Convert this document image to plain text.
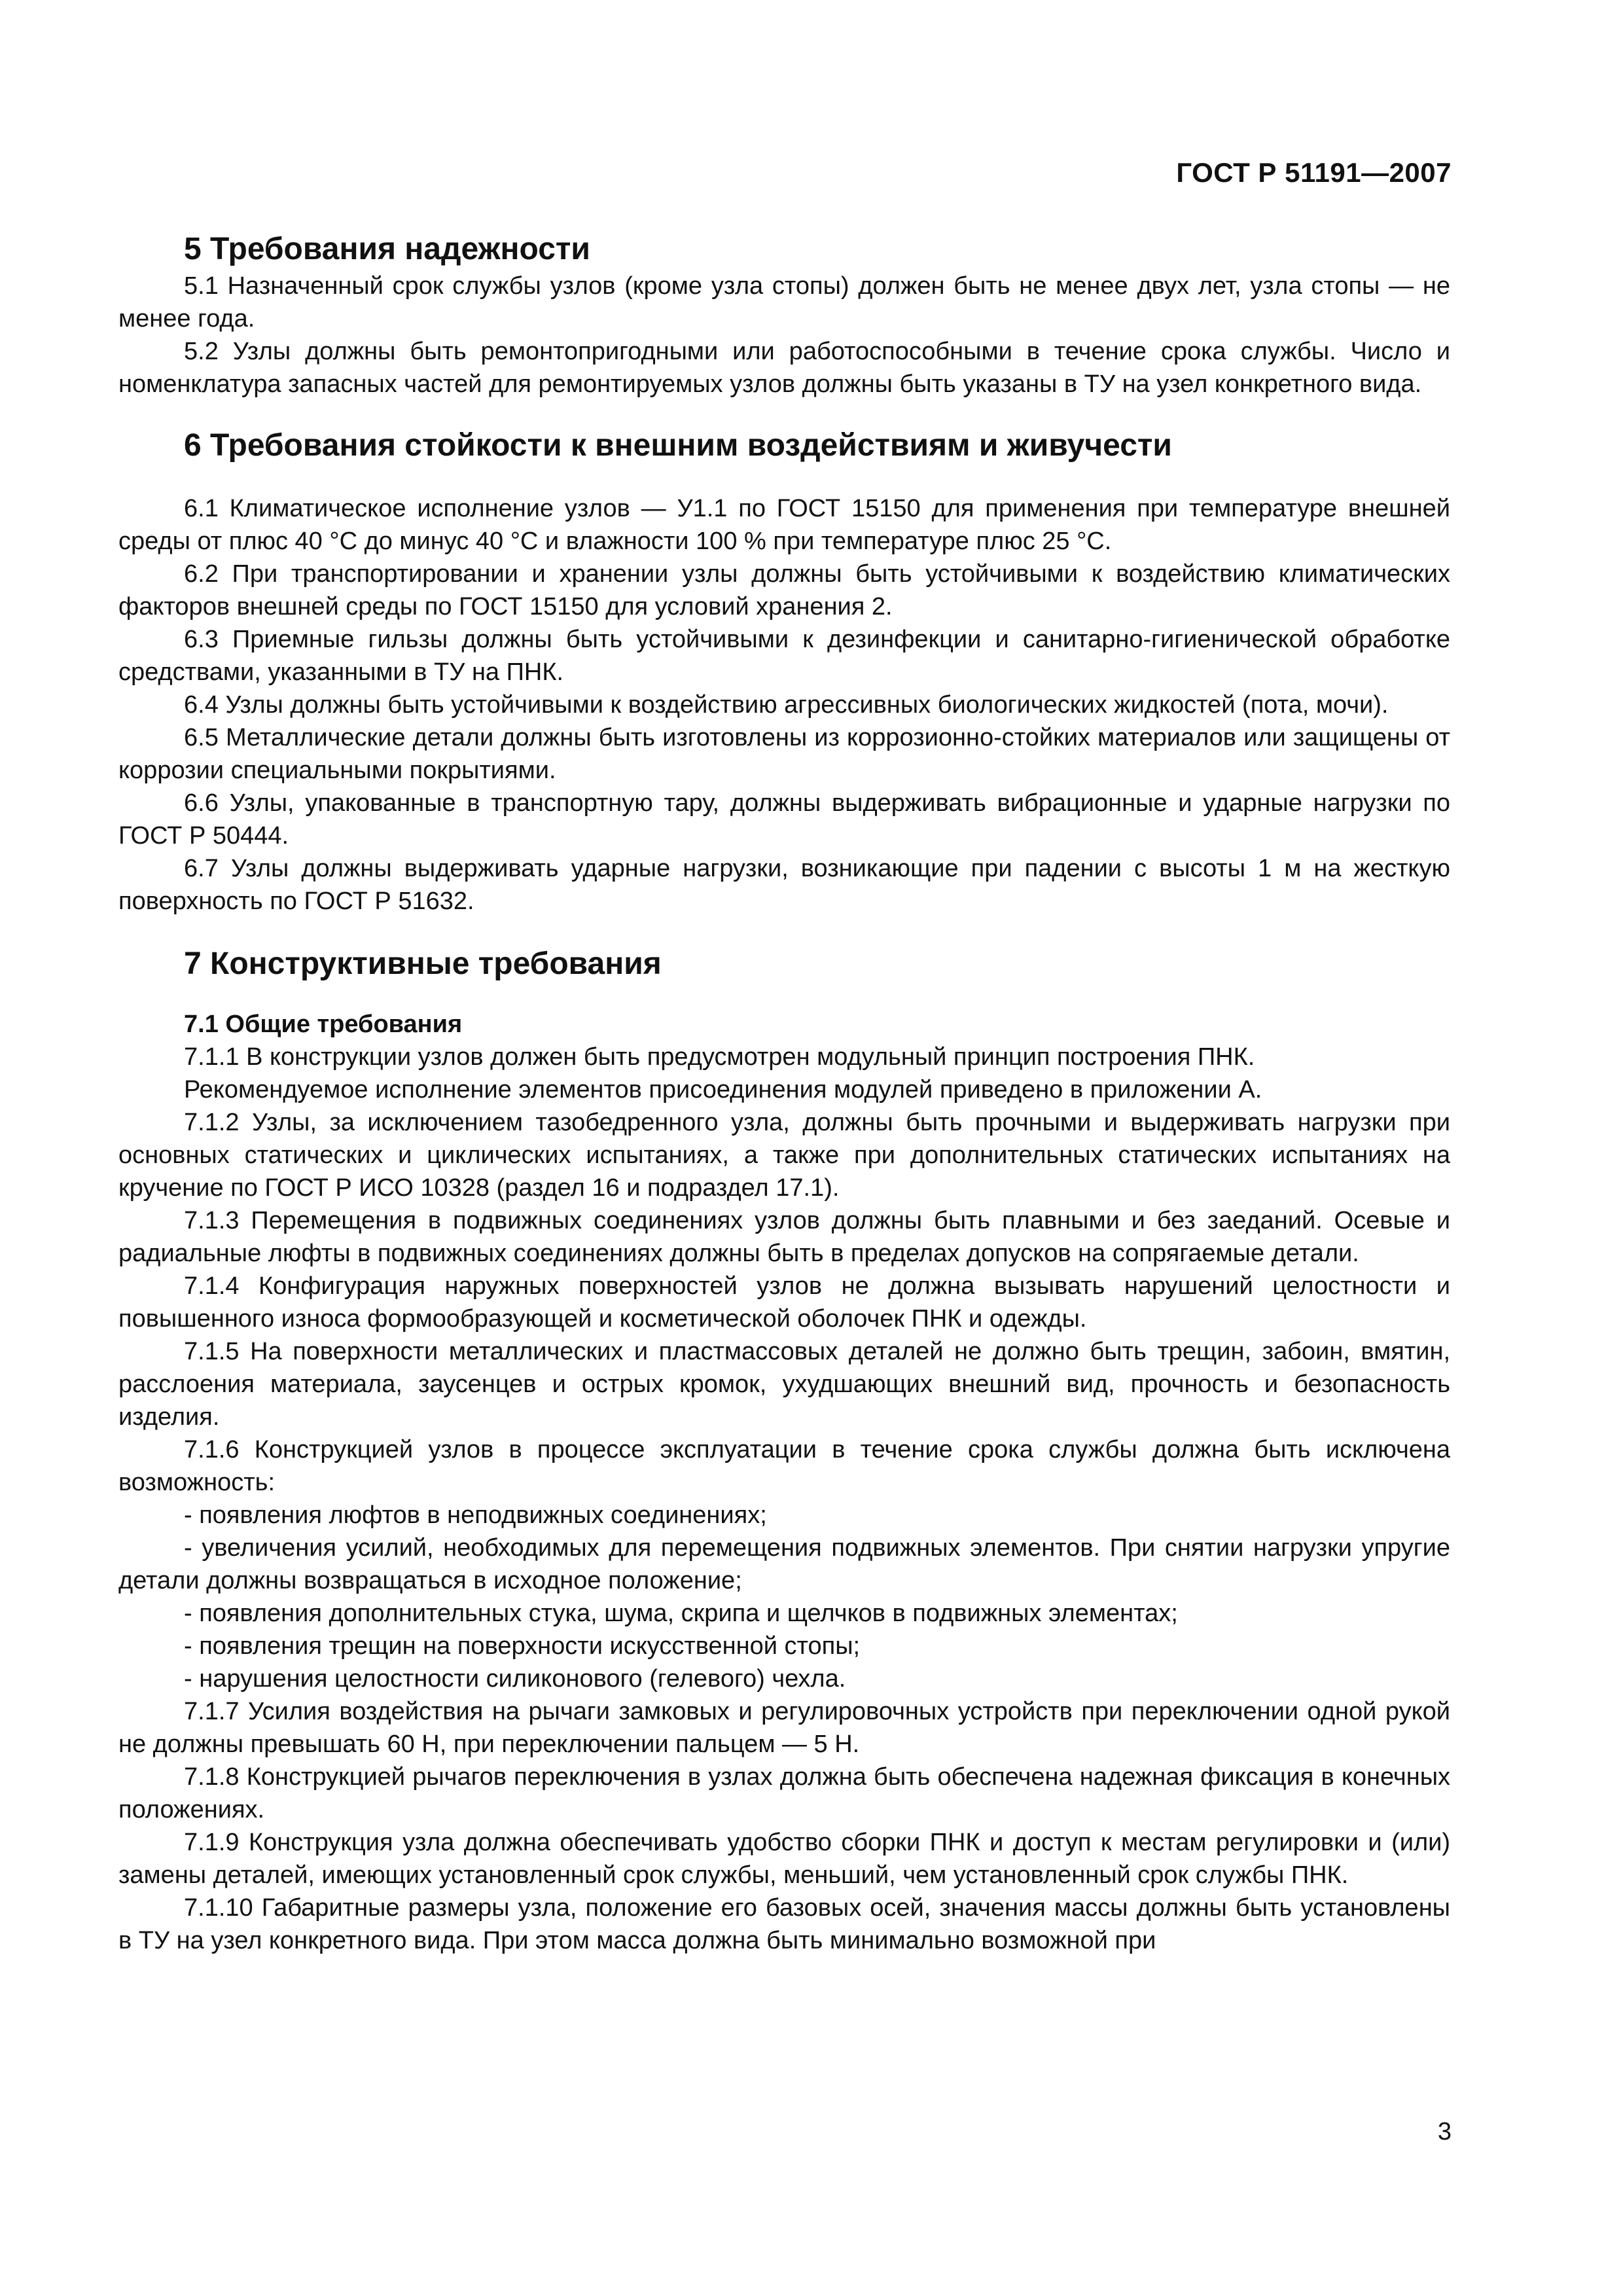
ГОСТ Р 51191—2007
5 Требования надежности

5.1 Назначенный срок службы узлов (кроме узла стопы) должен быть не менее двух лет, узла стопы — не менее года.

5.2 Узлы должны быть ремонтопригодными или работоспособными в течение срока службы. Число и номенклатура запасных частей для ремонтируемых узлов должны быть указаны в ТУ на узел конкретного вида.

6 Требования стойкости к внешним воздействиям и живучести

6.1 Климатическое исполнение узлов — У1.1 по ГОСТ 15150 для применения при температуре внешней среды от плюс 40 °С до минус 40 °С и влажности 100 % при температуре плюс 25 °С.

6.2 При транспортировании и хранении узлы должны быть устойчивыми к воздействию климатических факторов внешней среды по ГОСТ 15150 для условий хранения 2.

6.3 Приемные гильзы должны быть устойчивыми к дезинфекции и санитарно-гигиенической обработке средствами, указанными в ТУ на ПНК.

6.4 Узлы должны быть устойчивыми к воздействию агрессивных биологических жидкостей (пота, мочи).

6.5 Металлические детали должны быть изготовлены из коррозионно-стойких материалов или защищены от коррозии специальными покрытиями.

6.6 Узлы, упакованные в транспортную тару, должны выдерживать вибрационные и ударные нагрузки по ГОСТ Р 50444.

6.7 Узлы должны выдерживать ударные нагрузки, возникающие при падении с высоты 1 м на жесткую поверхность по ГОСТ Р 51632.

7 Конструктивные требования
7.1 Общие требования

7.1.1 В конструкции узлов должен быть предусмотрен модульный принцип построения ПНК.

Рекомендуемое исполнение элементов присоединения модулей приведено в приложении А.

7.1.2 Узлы, за исключением тазобедренного узла, должны быть прочными и выдерживать нагрузки при основных статических и циклических испытаниях, а также при дополнительных статических испытаниях на кручение по ГОСТ Р ИСО 10328 (раздел 16 и подраздел 17.1).

7.1.3 Перемещения в подвижных соединениях узлов должны быть плавными и без заеданий. Осевые и радиальные люфты в подвижных соединениях должны быть в пределах допусков на сопрягаемые детали.

7.1.4 Конфигурация наружных поверхностей узлов не должна вызывать нарушений целостности и повышенного износа формообразующей и косметической оболочек ПНК и одежды.

7.1.5 На поверхности металлических и пластмассовых деталей не должно быть трещин, забоин, вмятин, расслоения материала, заусенцев и острых кромок, ухудшающих внешний вид, прочность и безопасность изделия.

7.1.6 Конструкцией узлов в процессе эксплуатации в течение срока службы должна быть исключена возможность:

- появления люфтов в неподвижных соединениях;

- увеличения усилий, необходимых для перемещения подвижных элементов. При снятии нагрузки упругие детали должны возвращаться в исходное положение;

- появления дополнительных стука, шума, скрипа и щелчков в подвижных элементах;

- появления трещин на поверхности искусственной стопы;

- нарушения целостности силиконового (гелевого) чехла.

7.1.7 Усилия воздействия на рычаги замковых и регулировочных устройств при переключении одной рукой не должны превышать 60 Н, при переключении пальцем — 5 Н.

7.1.8 Конструкцией рычагов переключения в узлах должна быть обеспечена надежная фиксация в конечных положениях.

7.1.9 Конструкция узла должна обеспечивать удобство сборки ПНК и доступ к местам регулировки и (или) замены деталей, имеющих установленный срок службы, меньший, чем установленный срок службы ПНК.

7.1.10 Габаритные размеры узла, положение его базовых осей, значения массы должны быть установлены в ТУ на узел конкретного вида. При этом масса должна быть минимально возможной при

3
